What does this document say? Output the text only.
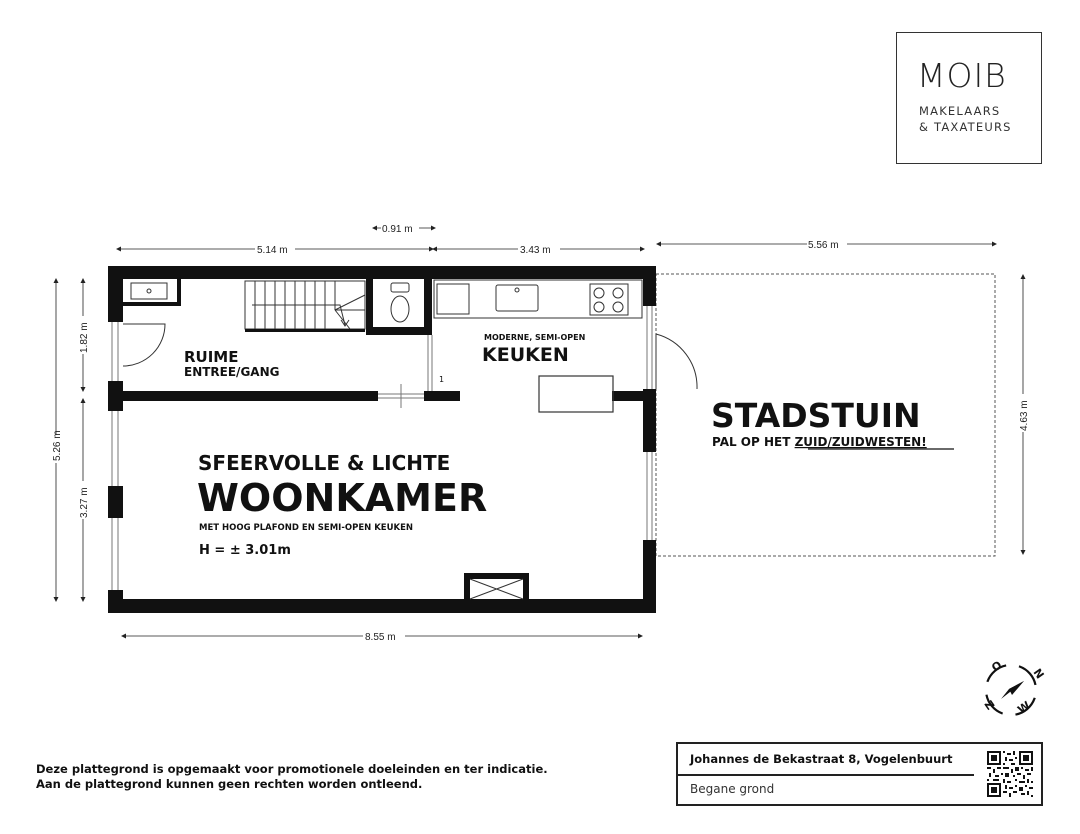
1
RUIME
ENTREE/GANG
MODERNE, SEMI-OPEN
KEUKEN
SFEERVOLLE & LICHTE
WOONKAMER
MET HOOG PLAFOND EN SEMI-OPEN KEUKEN
H = ± 3.01m
STADSTUIN
PAL OP HET ZUID/ZUIDWESTEN!
0.91 m
5.14 m	3.43 m	5.56 m
8.55 m
5.26 m
1.82 m
3.27 m
4.63 m
N
O
Z W
MOIB
MAKELAARS
& TAXATEURS
Deze plattegrond is opgemaakt voor promotionele doeleinden en ter indicatie.
Aan de plattegrond kunnen geen rechten worden ontleend.
Johannes de Bekastraat 8, Vogelenbuurt
Begane grond
